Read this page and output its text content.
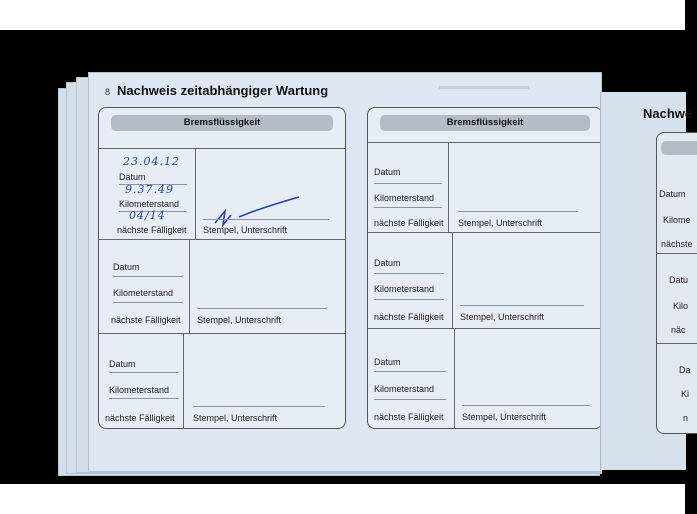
8 Nachweis zeitabhängiger Wartung	▬▬▬▬▬▬▬▬▬
Bremsflüssigkeit
23.04.12
Datum
9.37.49
Kilometerstand
04/14
nächste Fälligkeit Stempel, Unterschrift
Datum
Kilometerstand
nächste Fälligkeit Stempel, Unterschrift
Datum
Kilometerstand
nächste Fälligkeit Stempel, Unterschrift
Bremsflüssigkeit
Datum
Kilometerstand
nächste Fälligkeit Stempel, Unterschrift
Datum
Kilometerstand
nächste Fälligkeit Stempel, Unterschrift
Datum
Kilometerstand
nächste Fälligkeit Stempel, Unterschrift
Nachwe
Datum
Kilome
nächste
Datu
Kilo
näc
Da
Ki
n
